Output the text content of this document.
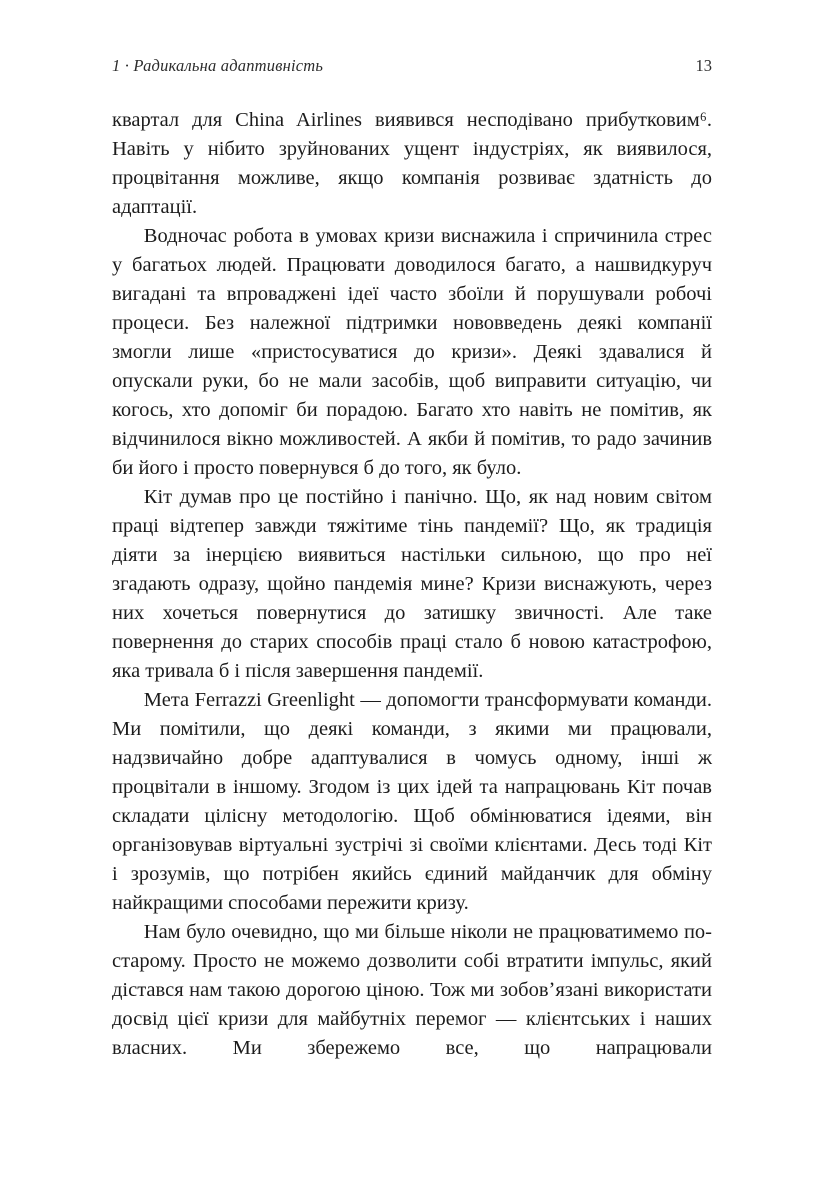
1 · Радикальна адаптивність	13

квартал для China Airlines виявився несподівано прибутковим⁶. Навіть у нібито зруйнованих ущент індустріях, як виявилося, процвітання можливе, якщо компанія розвиває здатність до адаптації.

Водночас робота в умовах кризи виснажила і спричинила стрес у багатьох людей. Працювати доводилося багато, а нашвидкуруч вигадані та впроваджені ідеї часто збоїли й порушували робочі процеси. Без належної підтримки нововведень деякі компанії змогли лише «пристосуватися до кризи». Деякі здавалися й опускали руки, бо не мали засобів, щоб виправити ситуацію, чи когось, хто допоміг би порадою. Багато хто навіть не помітив, як відчинилося вікно можливостей. А якби й помітив, то радо зачинив би його і просто повернувся б до того, як було.

Кіт думав про це постійно і панічно. Що, як над новим світом праці відтепер завжди тяжітиме тінь пандемії? Що, як традиція діяти за інерцією виявиться настільки сильною, що про неї згадають одразу, щойно пандемія мине? Кризи виснажують, через них хочеться повернутися до затишку звичності. Але таке повернення до старих способів праці стало б новою катастрофою, яка тривала б і після завершення пандемії.

Мета Ferrazzi Greenlight — допомогти трансформувати команди. Ми помітили, що деякі команди, з якими ми працювали, надзвичайно добре адаптувалися в чомусь одному, інші ж процвітали в іншому. Згодом із цих ідей та напрацювань Кіт почав складати цілісну методологію. Щоб обмінюватися ідеями, він організовував віртуальні зустрічі зі своїми клієнтами. Десь тоді Кіт і зрозумів, що потрібен якийсь єдиний майданчик для обміну найкращими способами пережити кризу.

Нам було очевидно, що ми більше ніколи не працюватимемо по-старому. Просто не можемо дозволити собі втратити імпульс, який дістався нам такою дорогою ціною. Тож ми зобовʼязані використати досвід цієї кризи для майбутніх перемог — клієнтських і наших власних. Ми збережемо все, що напрацювали
